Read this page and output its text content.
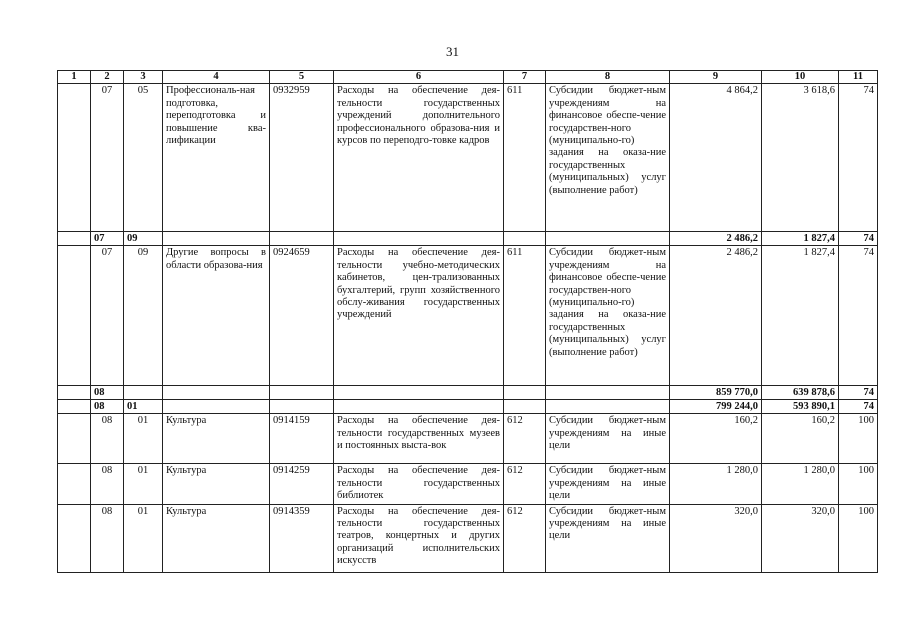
31
1	2	3	4	5	6	7	8	9	10	11
	07	05	Профессиональ-ная подготовка, переподготовка и повышение ква-лификации	0932959	Расходы на обеспечение дея-тельности государственных учреждений дополнительного профессионального образова-ния и курсов по переподго-товке кадров	611	Субсидии бюджет-ным учреждениям на финансовое обеспе-чение государствен-ного (муниципально-го) задания на оказа-ние государственных (муниципальных) услуг (выполнение работ)	4 864,2	3 618,6	74
	07	09						2 486,2	1 827,4	74
	07	09	Другие вопросы в области образова-ния	0924659	Расходы на обеспечение дея-тельности учебно-методических кабинетов, цен-трализованных бухгалтерий, групп хозяйственного обслу-живания государственных учреждений	611	Субсидии бюджет-ным учреждениям на финансовое обеспе-чение государствен-ного (муниципально-го) задания на оказа-ние государственных (муниципальных) услуг (выполнение работ)	2 486,2	1 827,4	74
	08							859 770,0	639 878,6	74
	08	01						799 244,0	593 890,1	74
	08	01	Культура	0914159	Расходы на обеспечение дея-тельности государственных музеев и постоянных выста-вок	612	Субсидии бюджет-ным учреждениям на иные цели	160,2	160,2	100
	08	01	Культура	0914259	Расходы на обеспечение дея-тельности государственных библиотек	612	Субсидии бюджет-ным учреждениям на иные цели	1 280,0	1 280,0	100
	08	01	Культура	0914359	Расходы на обеспечение дея-тельности государственных театров, концертных и других организаций исполнительских искусств	612	Субсидии бюджет-ным учреждениям на иные цели	320,0	320,0	100
